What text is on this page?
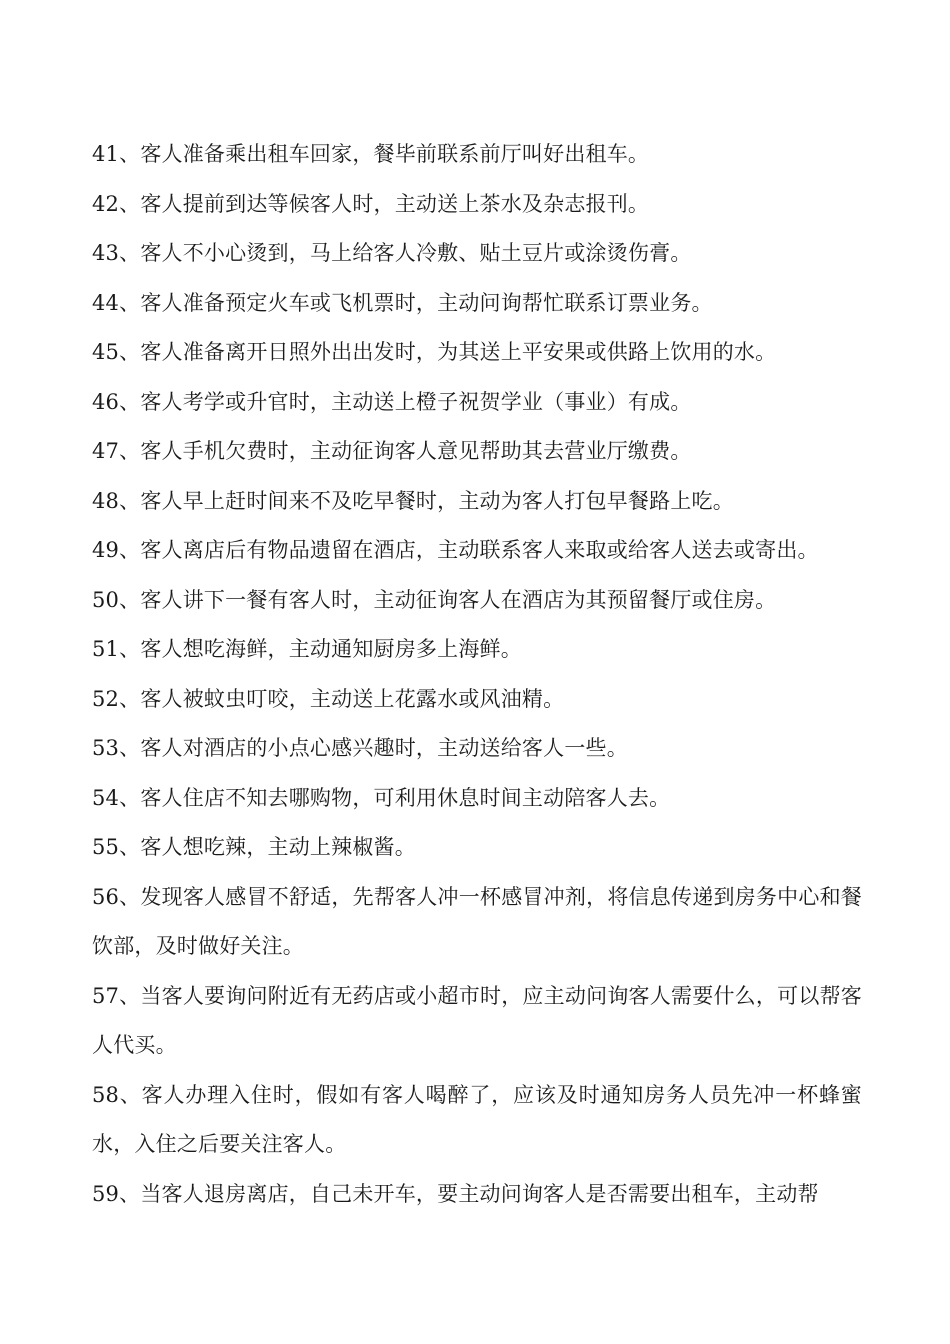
41、客人准备乘出租车回家，餐毕前联系前厅叫好出租车。

42、客人提前到达等候客人时，主动送上茶水及杂志报刊。

43、客人不小心烫到，马上给客人冷敷、贴土豆片或涂烫伤膏。

44、客人准备预定火车或飞机票时，主动问询帮忙联系订票业务。

45、客人准备离开日照外出出发时，为其送上平安果或供路上饮用的水。

46、客人考学或升官时，主动送上橙子祝贺学业（事业）有成。

47、客人手机欠费时，主动征询客人意见帮助其去营业厅缴费。

48、客人早上赶时间来不及吃早餐时，主动为客人打包早餐路上吃。

49、客人离店后有物品遗留在酒店，主动联系客人来取或给客人送去或寄出。

50、客人讲下一餐有客人时，主动征询客人在酒店为其预留餐厅或住房。

51、客人想吃海鲜，主动通知厨房多上海鲜。

52、客人被蚊虫叮咬，主动送上花露水或风油精。

53、客人对酒店的小点心感兴趣时，主动送给客人一些。

54、客人住店不知去哪购物，可利用休息时间主动陪客人去。

55、客人想吃辣，主动上辣椒酱。

56、发现客人感冒不舒适，先帮客人冲一杯感冒冲剂，将信息传递到房务中心和餐饮部，及时做好关注。

57、当客人要询问附近有无药店或小超市时，应主动问询客人需要什么，可以帮客人代买。

58、客人办理入住时，假如有客人喝醉了，应该及时通知房务人员先冲一杯蜂蜜水，入住之后要关注客人。

59、当客人退房离店，自己未开车，要主动问询客人是否需要出租车，主动帮
